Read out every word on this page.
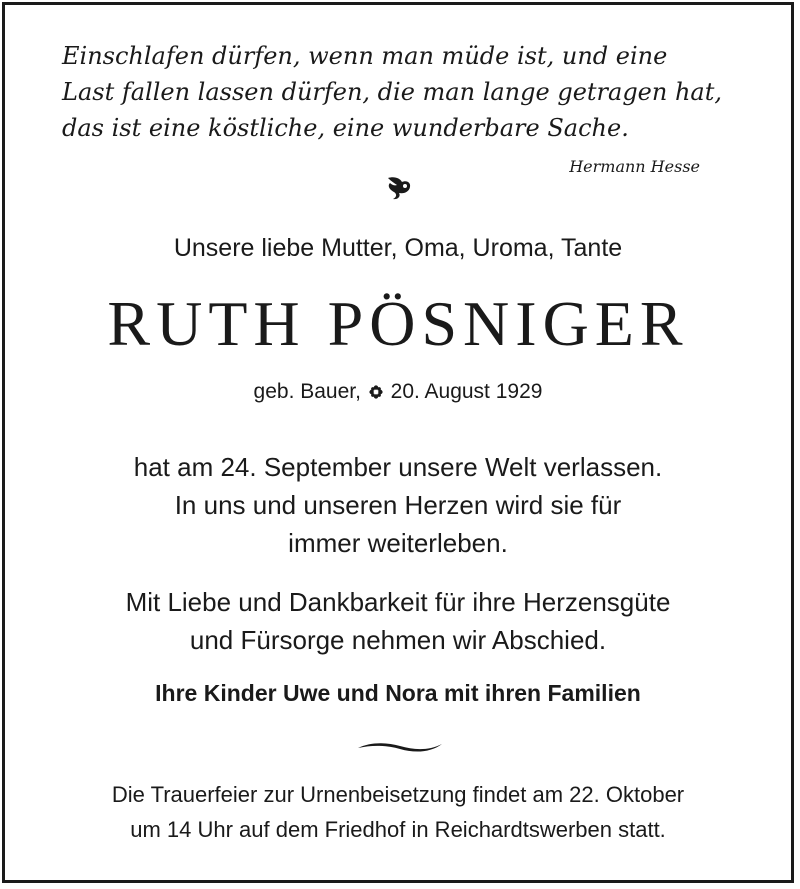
Einschlafen dürfen, wenn man müde ist, und eine
Last fallen lassen dürfen, die man lange getragen hat,
das ist eine köstliche, eine wunderbare Sache.
Hermann Hesse
Unsere liebe Mutter, Oma, Uroma, Tante
RUTH PÖSNIGER
geb. Bauer, 20. August 1929
hat am 24. September unsere Welt verlassen.
In uns und unseren Herzen wird sie für
immer weiterleben.
Mit Liebe und Dankbarkeit für ihre Herzensgüte
und Fürsorge nehmen wir Abschied.
Ihre Kinder Uwe und Nora mit ihren Familien
Die Trauerfeier zur Urnenbeisetzung findet am 22. Oktober
um 14 Uhr auf dem Friedhof in Reichardtswerben statt.
